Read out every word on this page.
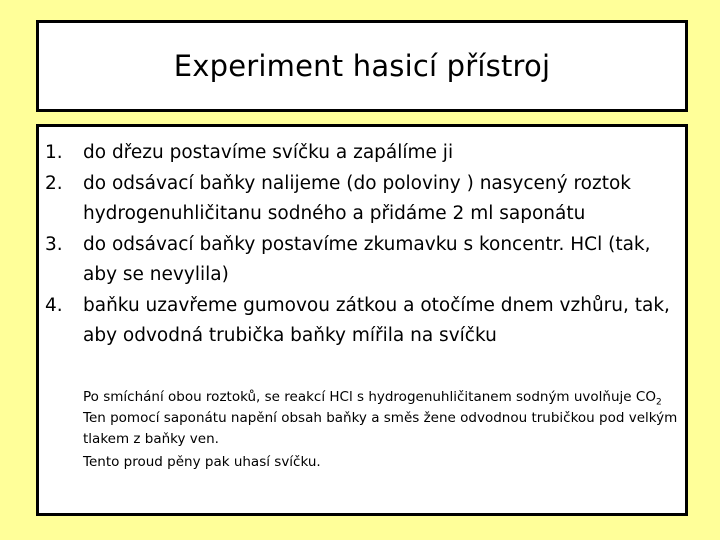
Experiment hasicí přístroj
1. do dřezu postavíme svíčku a zapálíme ji
2. do odsávací baňky nalijeme (do poloviny ) nasycený roztok hydrogenuhličitanu sodného a přidáme 2 ml saponátu
3. do odsávací baňky postavíme zkumavku s koncentr. HCl (tak, aby se nevylila)
4. baňku uzavřeme gumovou zátkou a otočíme dnem vzhůru, tak, aby odvodná trubička baňky mířila na svíčku

Po smíchání obou roztoků, se reakcí HCl s hydrogenuhličitanem sodným uvolňuje $CO_2$ Ten pomocí saponátu napění obsah baňky a směs žene odvodnou trubičkou pod velkým tlakem z baňky ven.

Tento proud pěny pak uhasí svíčku.
